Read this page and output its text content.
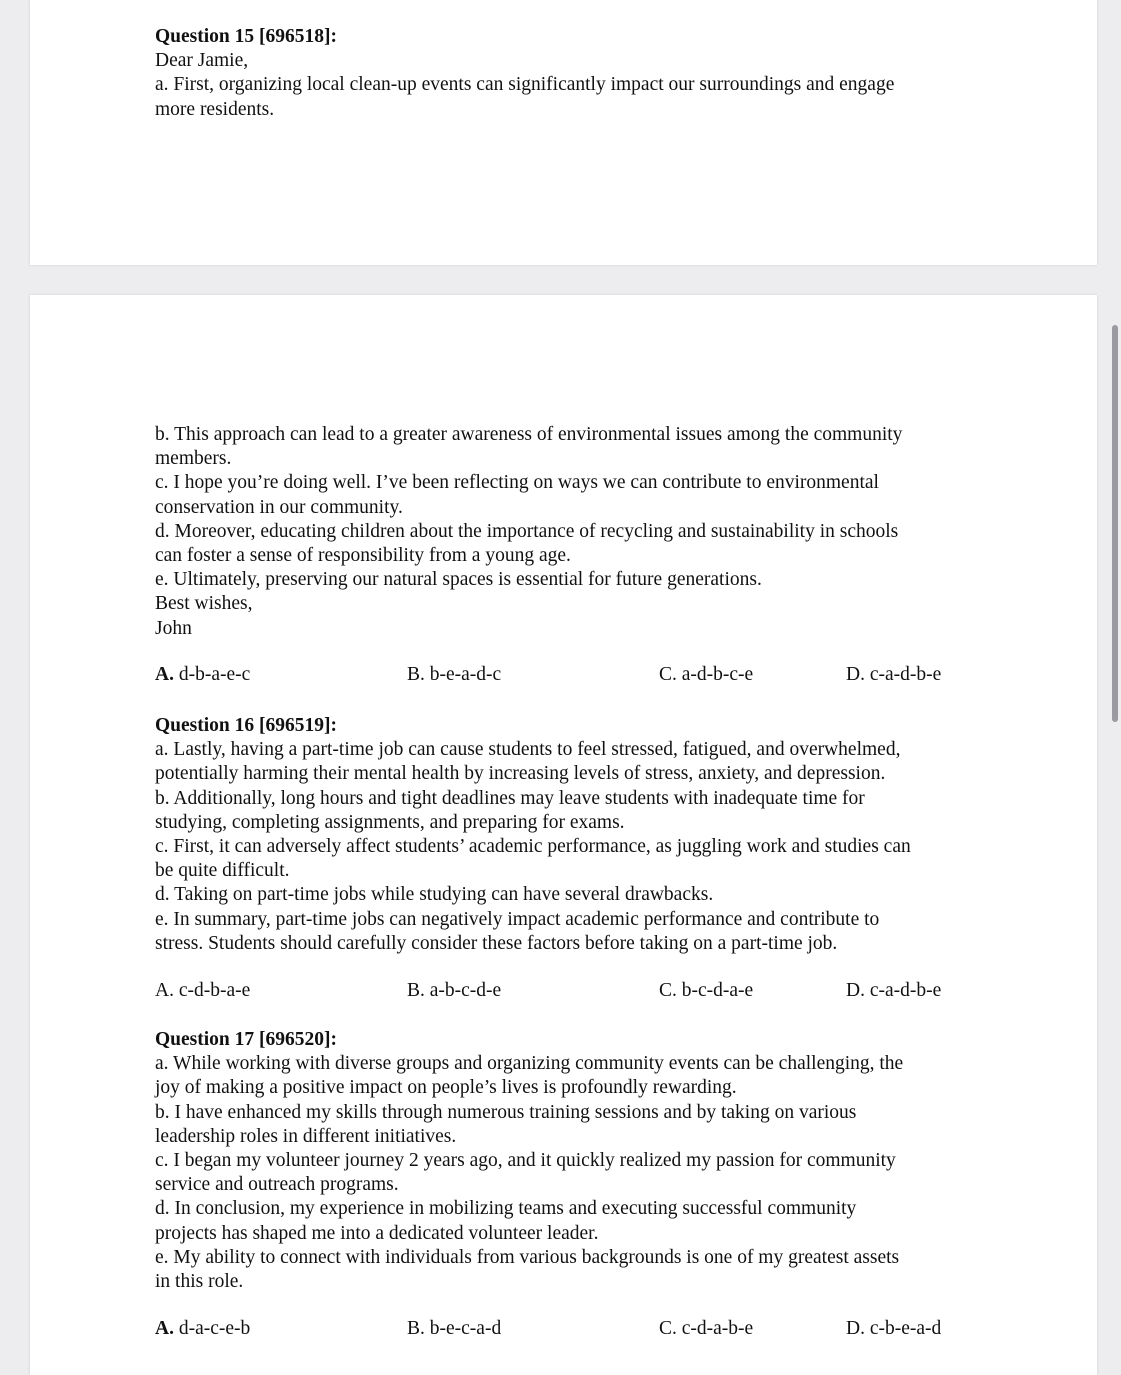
Question 15 [696518]:
Dear Jamie,
a. First, organizing local clean-up events can significantly impact our surroundings and engage
more residents.
b. This approach can lead to a greater awareness of environmental issues among the community
members.
c. I hope you’re doing well. I’ve been reflecting on ways we can contribute to environmental
conservation in our community.
d. Moreover, educating children about the importance of recycling and sustainability in schools
can foster a sense of responsibility from a young age.
e. Ultimately, preserving our natural spaces is essential for future generations.
Best wishes,
John
A. d-b-a-e-c	B. b-e-a-d-c	C. a-d-b-c-e	D. c-a-d-b-e
Question 16 [696519]:
a. Lastly, having a part-time job can cause students to feel stressed, fatigued, and overwhelmed,
potentially harming their mental health by increasing levels of stress, anxiety, and depression.
b. Additionally, long hours and tight deadlines may leave students with inadequate time for
studying, completing assignments, and preparing for exams.
c. First, it can adversely affect students’ academic performance, as juggling work and studies can
be quite difficult.
d. Taking on part-time jobs while studying can have several drawbacks.
e. In summary, part-time jobs can negatively impact academic performance and contribute to
stress. Students should carefully consider these factors before taking on a part-time job.
A. c-d-b-a-e	B. a-b-c-d-e	C. b-c-d-a-e	D. c-a-d-b-e
Question 17 [696520]:
a. While working with diverse groups and organizing community events can be challenging, the
joy of making a positive impact on people’s lives is profoundly rewarding.
b. I have enhanced my skills through numerous training sessions and by taking on various
leadership roles in different initiatives.
c. I began my volunteer journey 2 years ago, and it quickly realized my passion for community
service and outreach programs.
d. In conclusion, my experience in mobilizing teams and executing successful community
projects has shaped me into a dedicated volunteer leader.
e. My ability to connect with individuals from various backgrounds is one of my greatest assets
in this role.
A. d-a-c-e-b	B. b-e-c-a-d	C. c-d-a-b-e	D. c-b-e-a-d
